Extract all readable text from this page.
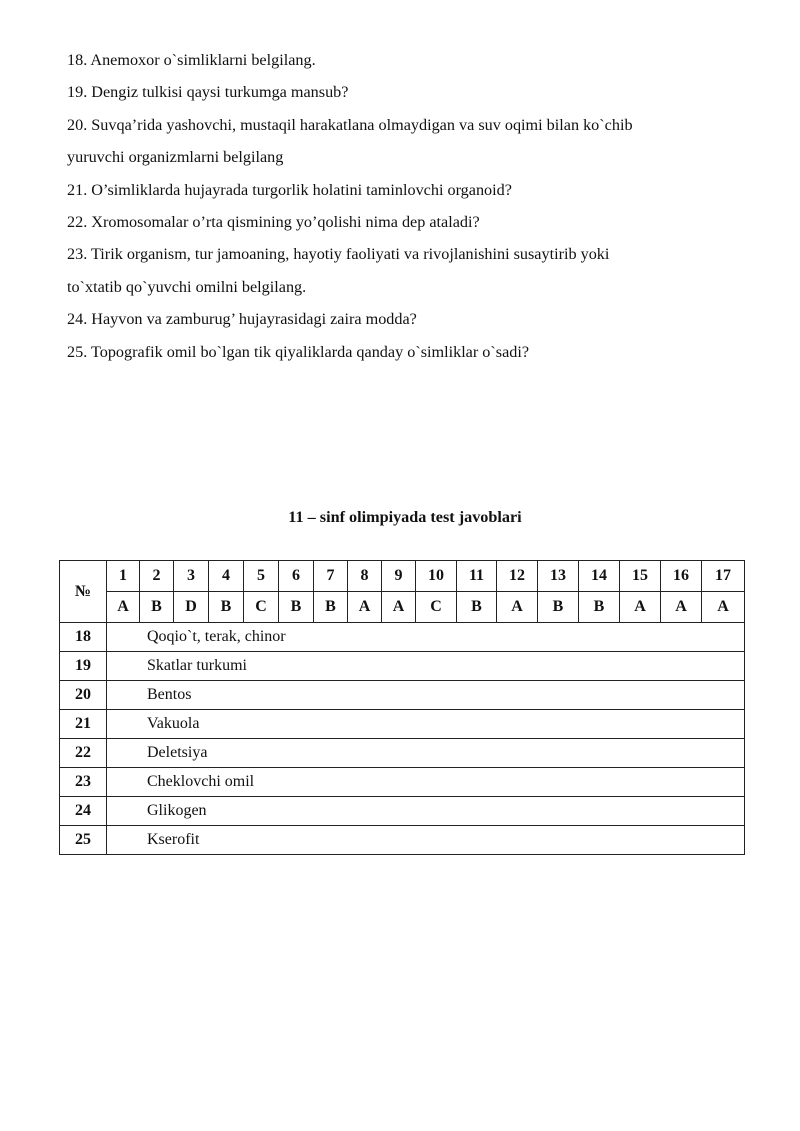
18. Anemoxor o`simliklarni belgilang.
19. Dengiz tulkisi qaysi turkumga mansub?
20. Suvqa’rida yashovchi, mustaqil harakatlana olmaydigan va suv oqimi bilan ko`chib
yuruvchi organizmlarni belgilang
21. O’simliklarda hujayrada turgorlik holatini taminlovchi organoid?
22. Xromosomalar o’rta qismining yo’qolishi nima dep ataladi?
23. Tirik organism, tur jamoaning, hayotiy faoliyati va rivojlanishini susaytirib yoki
to`xtatib qo`yuvchi omilni belgilang.
24. Hayvon va zamburug’ hujayrasidagi zaira modda?
25. Topografik omil bo`lgan tik qiyaliklarda qanday o`simliklar o`sadi?
11 – sinf olimpiyada test javoblari
№	1	2	3	4	5	6	7	8	9	10	11	12	13	14	15	16	17
	A	B	D	B	C	B	B	A	A	C	B	A	B	B	A	A	A
18	Qoqio`t, terak, chinor																
19	Skatlar turkumi																
20	Bentos																
21	Vakuola																
22	Deletsiya																
23	Cheklovchi omil																
24	Glikogen																
25	Kserofit																
